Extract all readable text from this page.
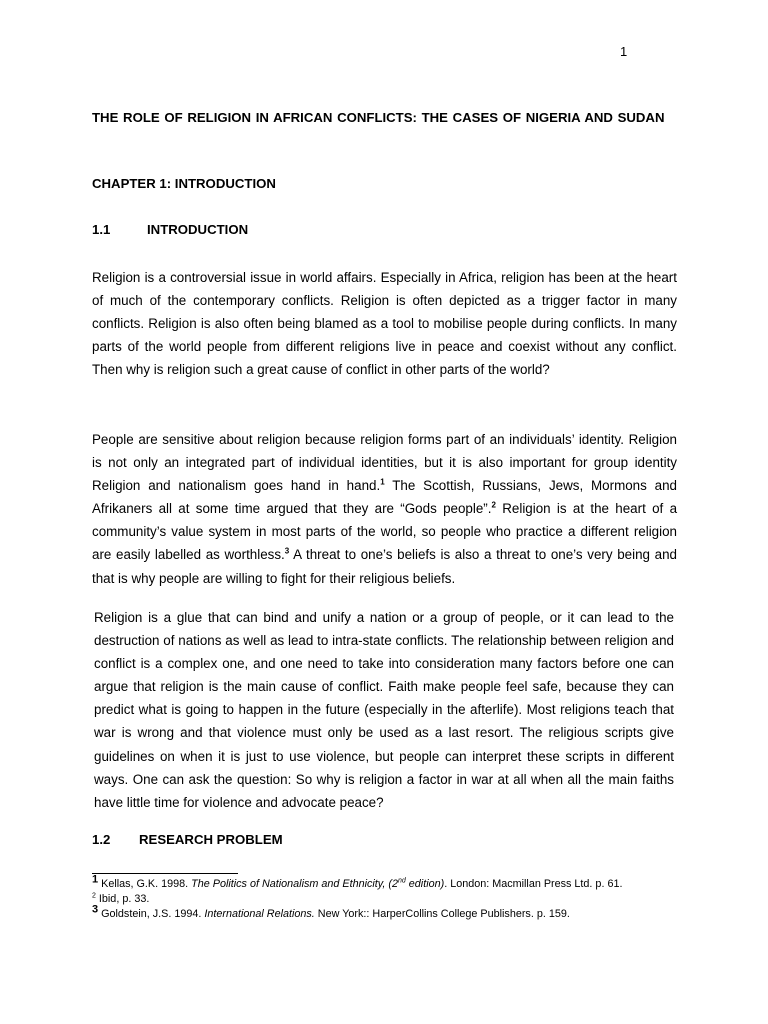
1
THE ROLE OF RELIGION IN AFRICAN CONFLICTS: THE CASES OF NIGERIA AND SUDAN
CHAPTER 1: INTRODUCTION
1.1	INTRODUCTION

Religion is a controversial issue in world affairs. Especially in Africa, religion has been at the heart of much of the contemporary conflicts. Religion is often depicted as a trigger factor in many conflicts. Religion is also often being blamed as a tool to mobilise people during conflicts. In many parts of the world people from different religions live in peace and coexist without any conflict. Then why is religion such a great cause of conflict in other parts of the world?

People are sensitive about religion because religion forms part of an individuals’ identity. Religion is not only an integrated part of individual identities, but it is also important for group identity Religion and nationalism goes hand in hand.$^1$ The Scottish, Russians, Jews, Mormons and Afrikaners all at some time argued that they are “Gods people”.$^2$ Religion is at the heart of a community’s value system in most parts of the world, so people who practice a different religion are easily labelled as worthless.$^3$ A threat to one’s beliefs is also a threat to one’s very being and that is why people are willing to fight for their religious beliefs.

Religion is a glue that can bind and unify a nation or a group of people, or it can lead to the destruction of nations as well as lead to intra-state conflicts. The relationship between religion and conflict is a complex one, and one need to take into consideration many factors before one can argue that religion is the main cause of conflict. Faith make people feel safe, because they can predict what is going to happen in the future (especially in the afterlife). Most religions teach that war is wrong and that violence must only be used as a last resort. The religious scripts give guidelines on when it is just to use violence, but people can interpret these scripts in different ways. One can ask the question: So why is religion a factor in war at all when all the main faiths have little time for violence and advocate peace?

1.2 RESEARCH PROBLEM
1 Kellas, G.K. 1998. The Politics of Nationalism and Ethnicity, (2nd edition). London: Macmillan Press Ltd. p. 61.
$^2$ Ibid, p. 33.
3 Goldstein, J.S. 1994. International Relations. New York:: HarperCollins College Publishers. p. 159.
